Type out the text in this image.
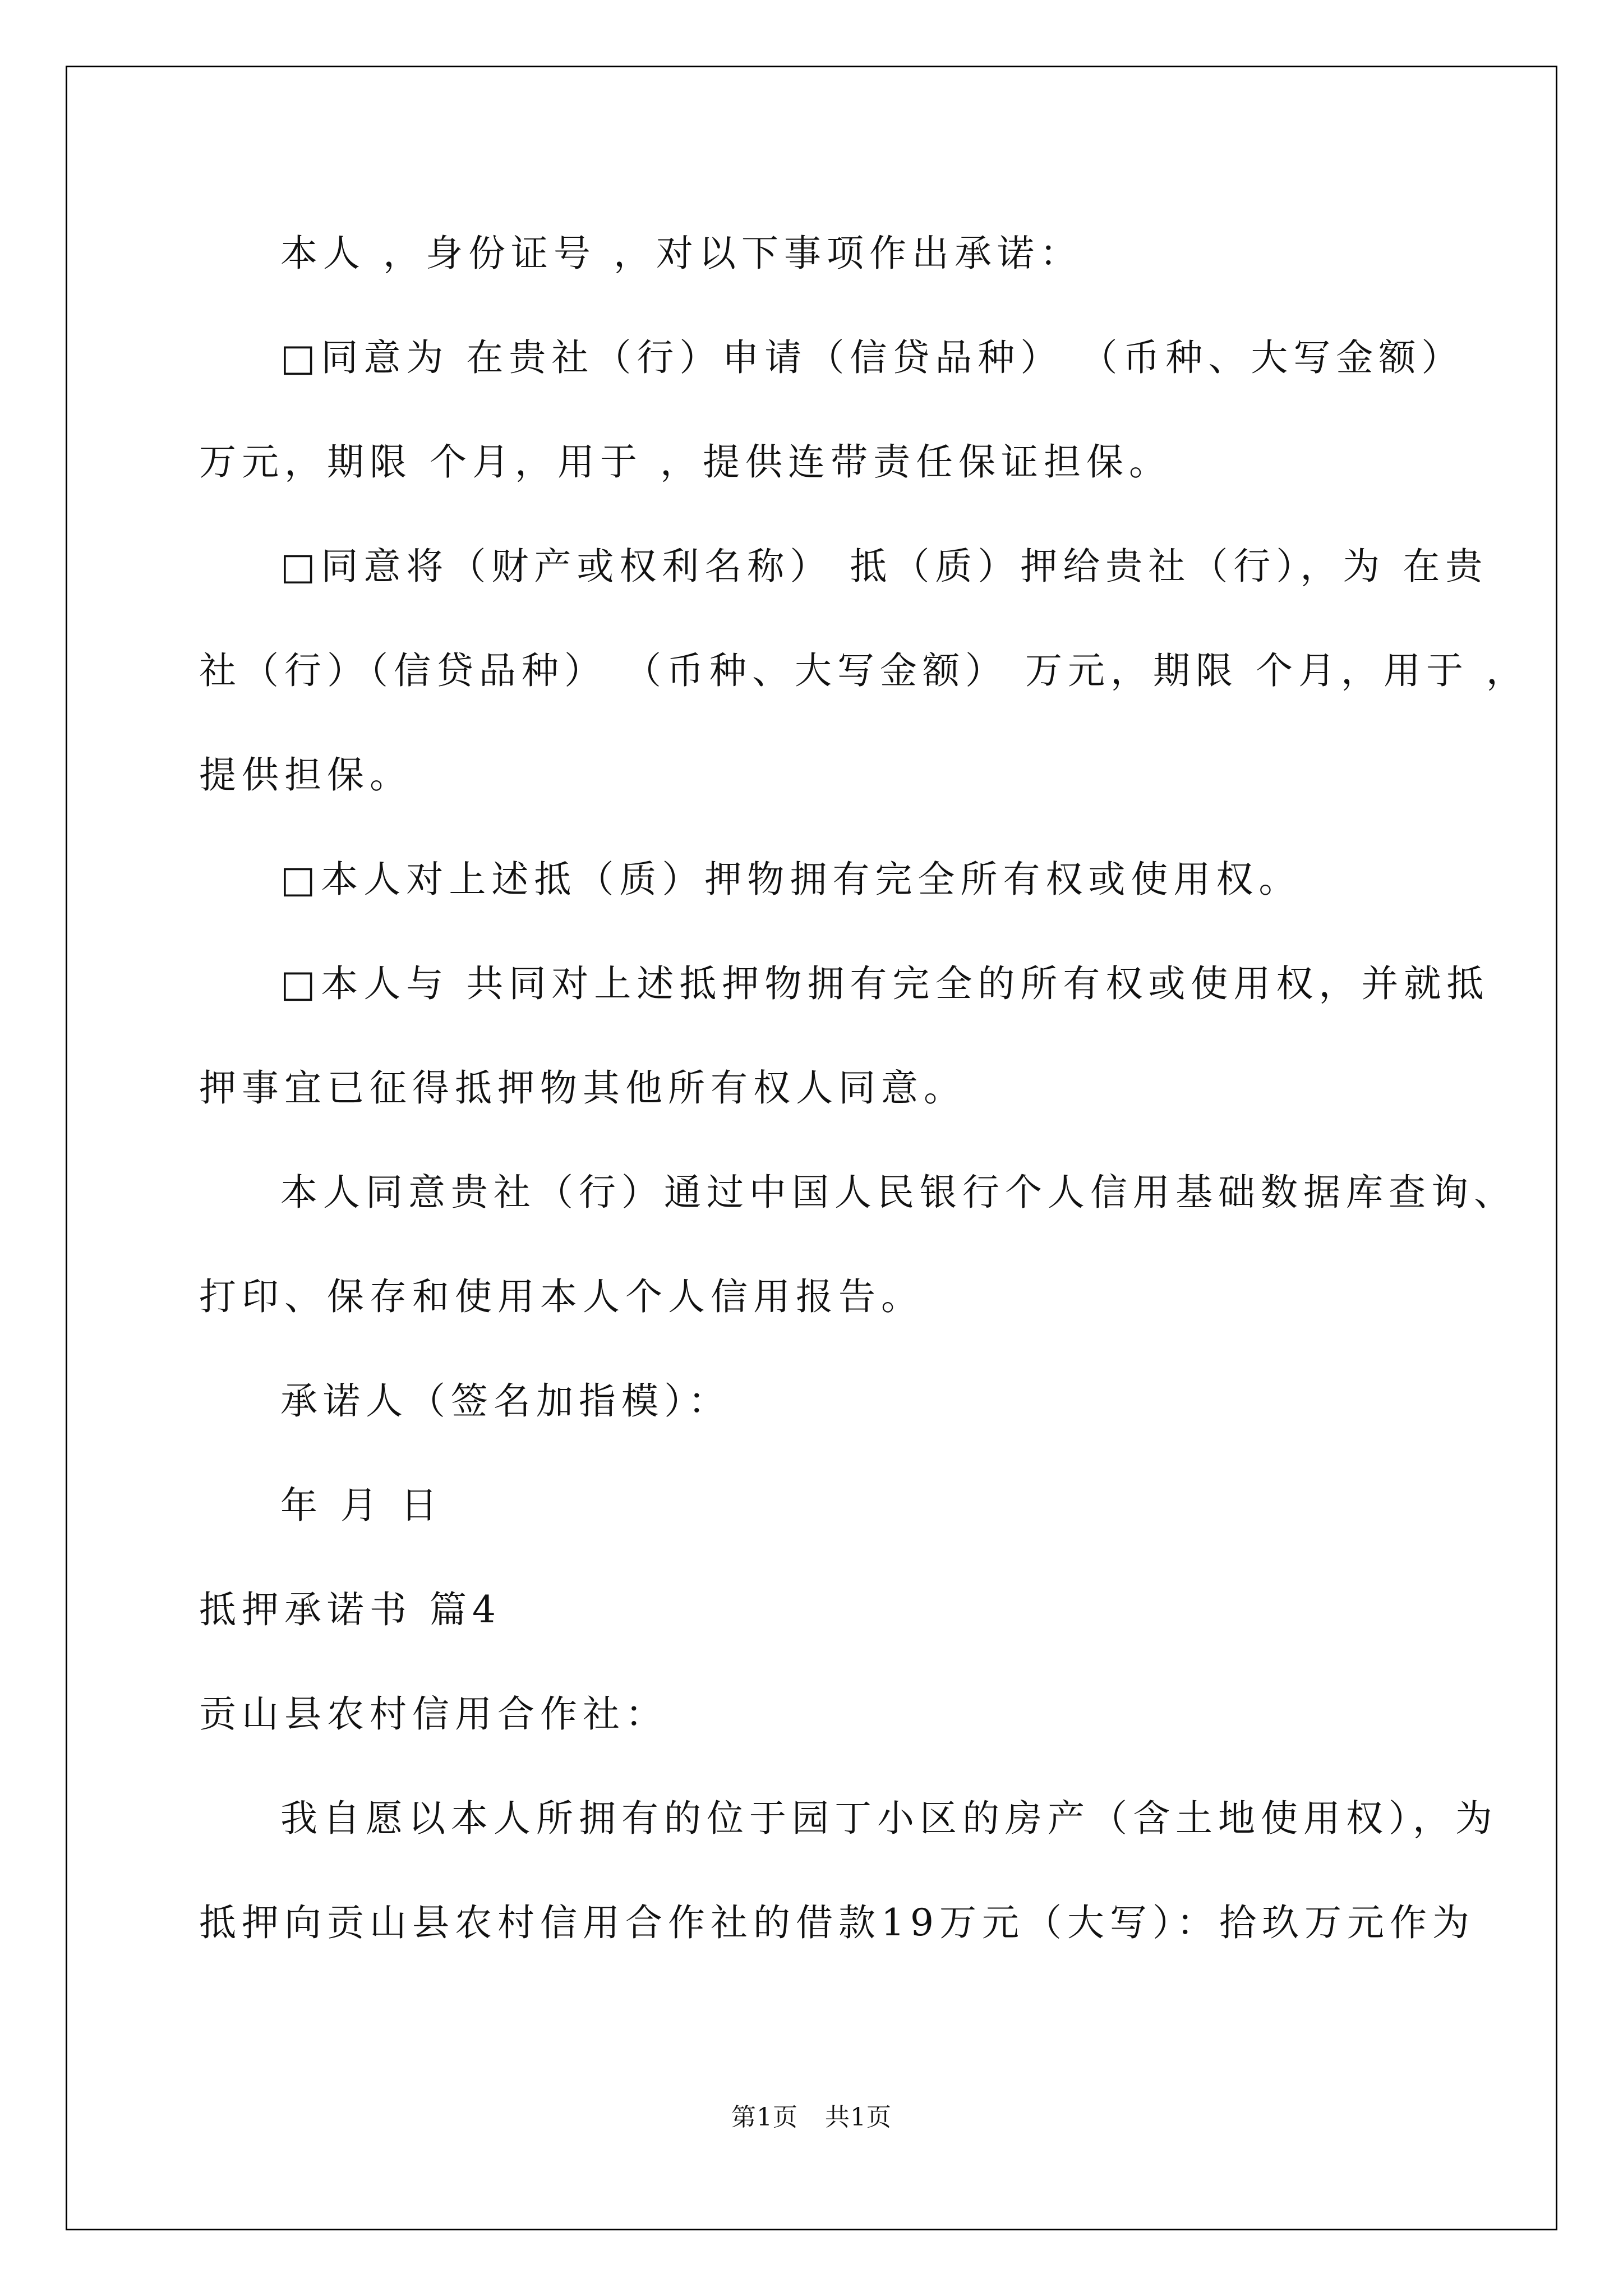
本人 ，身份证号 ，对以下事项作出承诺：
□同意为 在贵社（行）申请（信贷品种） （币种、大写金额）
万元，期限 个月，用于 ，提供连带责任保证担保。
□同意将（财产或权利名称） 抵（质）押给贵社（行），为 在贵
社（行）（信贷品种） （币种、大写金额） 万元，期限 个月，用于 ，
提供担保。
□本人对上述抵（质）押物拥有完全所有权或使用权。
□本人与 共同对上述抵押物拥有完全的所有权或使用权，并就抵
押事宜已征得抵押物其他所有权人同意。
本人同意贵社（行）通过中国人民银行个人信用基础数据库查询、
打印、保存和使用本人个人信用报告。
承诺人（签名加指模）：
年 月 日
抵押承诺书 篇4
贡山县农村信用合作社：
我自愿以本人所拥有的位于园丁小区的房产（含土地使用权），为
抵押向贡山县农村信用合作社的借款19万元（大写）：拾玖万元作为
第1页 共1页
